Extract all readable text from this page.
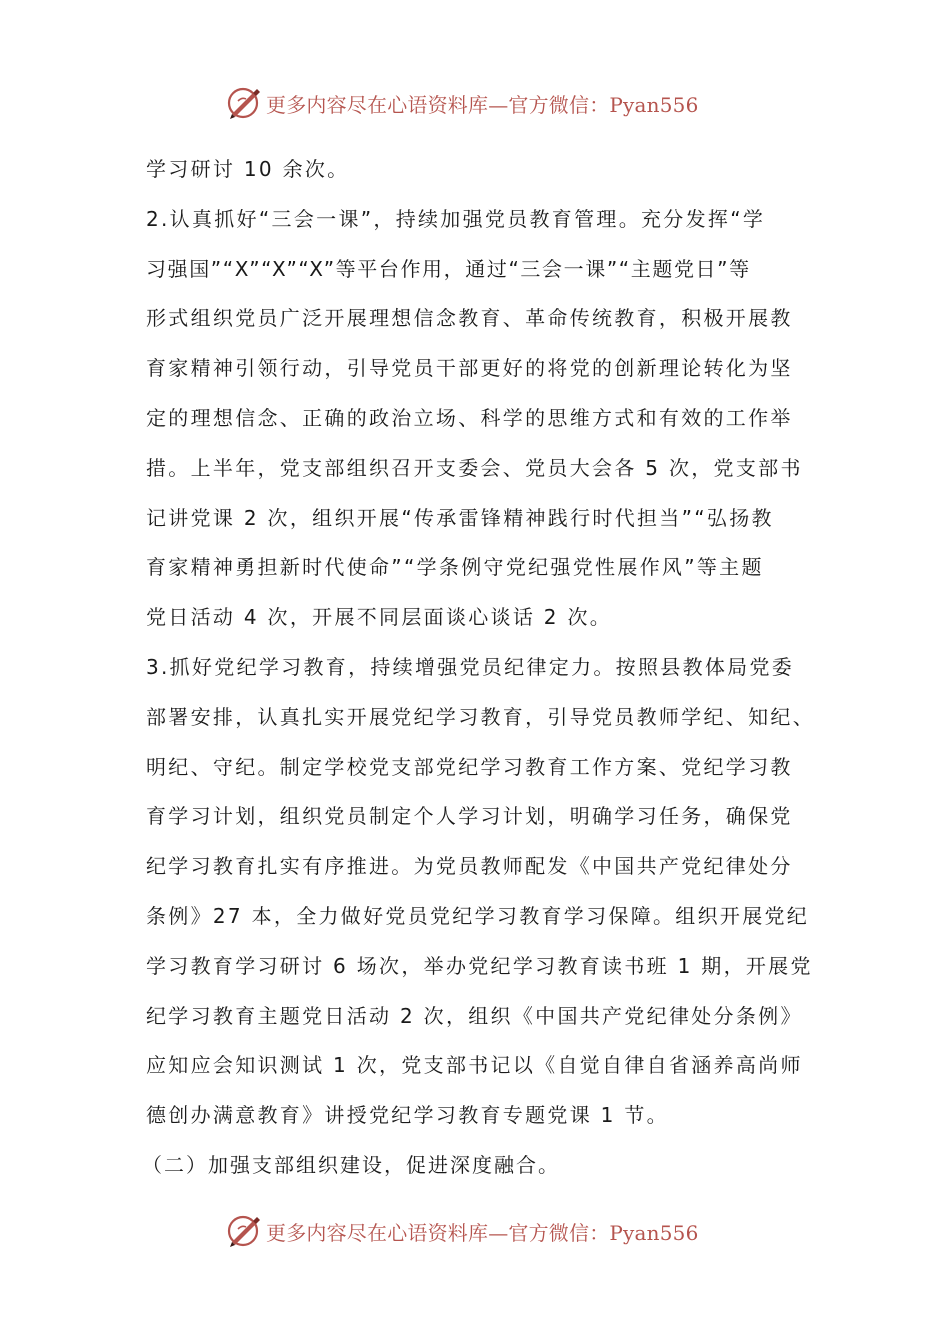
更多内容尽在心语资料库—官方微信：Pyan556
学习研讨 10 余次。
2.认真抓好“三会一课”，持续加强党员教育管理。充分发挥“学
习强国”“X”“X”“X”等平台作用，通过“三会一课”“主题党日”等
形式组织党员广泛开展理想信念教育、革命传统教育，积极开展教
育家精神引领行动，引导党员干部更好的将党的创新理论转化为坚
定的理想信念、正确的政治立场、科学的思维方式和有效的工作举
措。上半年，党支部组织召开支委会、党员大会各 5 次，党支部书
记讲党课 2 次，组织开展“传承雷锋精神践行时代担当”“弘扬教
育家精神勇担新时代使命”“学条例守党纪强党性展作风”等主题
党日活动 4 次，开展不同层面谈心谈话 2 次。
3.抓好党纪学习教育，持续增强党员纪律定力。按照县教体局党委
部署安排，认真扎实开展党纪学习教育，引导党员教师学纪、知纪、
明纪、守纪。制定学校党支部党纪学习教育工作方案、党纪学习教
育学习计划，组织党员制定个人学习计划，明确学习任务，确保党
纪学习教育扎实有序推进。为党员教师配发《中国共产党纪律处分
条例》27 本，全力做好党员党纪学习教育学习保障。组织开展党纪
学习教育学习研讨 6 场次，举办党纪学习教育读书班 1 期，开展党
纪学习教育主题党日活动 2 次，组织《中国共产党纪律处分条例》
应知应会知识测试 1 次，党支部书记以《自觉自律自省涵养高尚师
德创办满意教育》讲授党纪学习教育专题党课 1 节。
（二）加强支部组织建设，促进深度融合。
更多内容尽在心语资料库—官方微信：Pyan556
